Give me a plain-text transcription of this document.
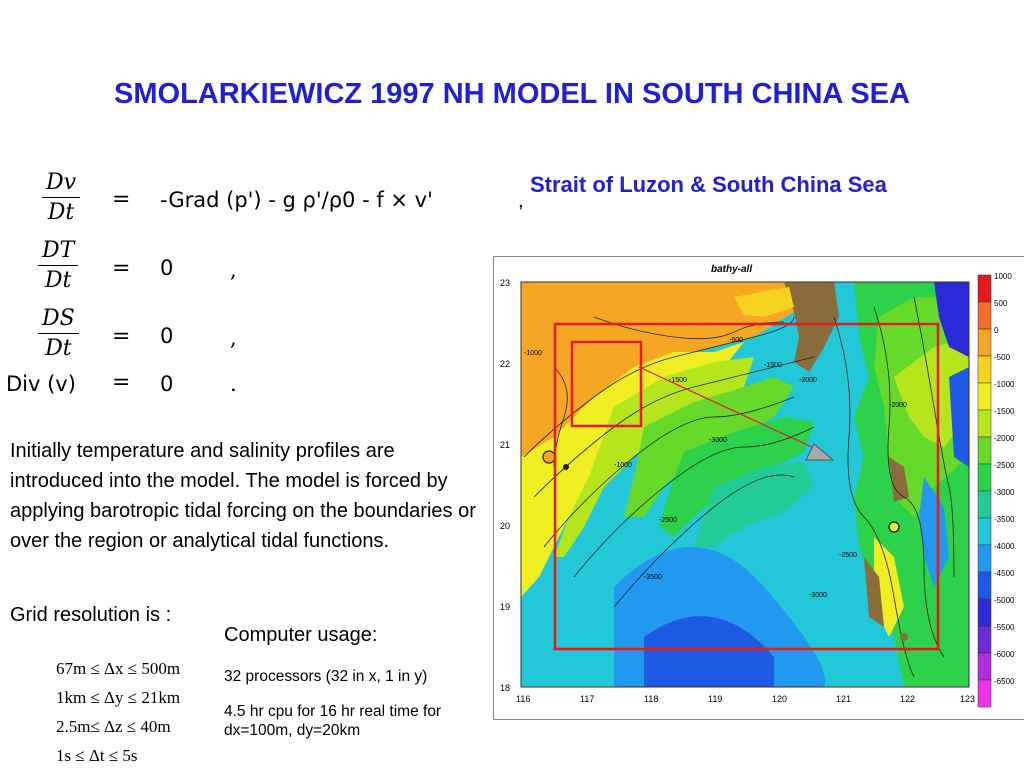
SMOLARKIEWICZ 1997 NH MODEL IN SOUTH CHINA SEA
Strait of Luzon & South China Sea
,
$\frac{Dv}{Dt}$ = -Grad (p') - g ρ'/ρ0 - f × v'
$\frac{DT}{Dt} = 0$	,
$\frac{DS}{Dt} = 0$	,
Div (v) = 0	.

Initially temperature and salinity profiles are introduced into the model. The model is forced by applying barotropic tidal forcing on the boundaries or over the region or analytical tidal functions.

Grid resolution is :
67m ≤ Δx ≤ 500m
1km ≤ Δy ≤ 21km
2.5m≤ Δz ≤ 40m
1s ≤ Δt ≤ 5s
Computer usage:
32 processors (32 in x, 1 in y)
4.5 hr cpu for 16 hr real time for dx=100m, dy=20km
bathy-all
-1000
-1500	-2000
-2500
-3000
-3500
-1000
-2000
-3000
-2500
-1500
-500
116	117	118	119	120	121	122	123
23
22
21
20
19
18
1000
500
0
-500
-1000
-1500
-2000
-2500
-3000
-3500
-4000
-4500
-5000
-5500
-6000
-6500
